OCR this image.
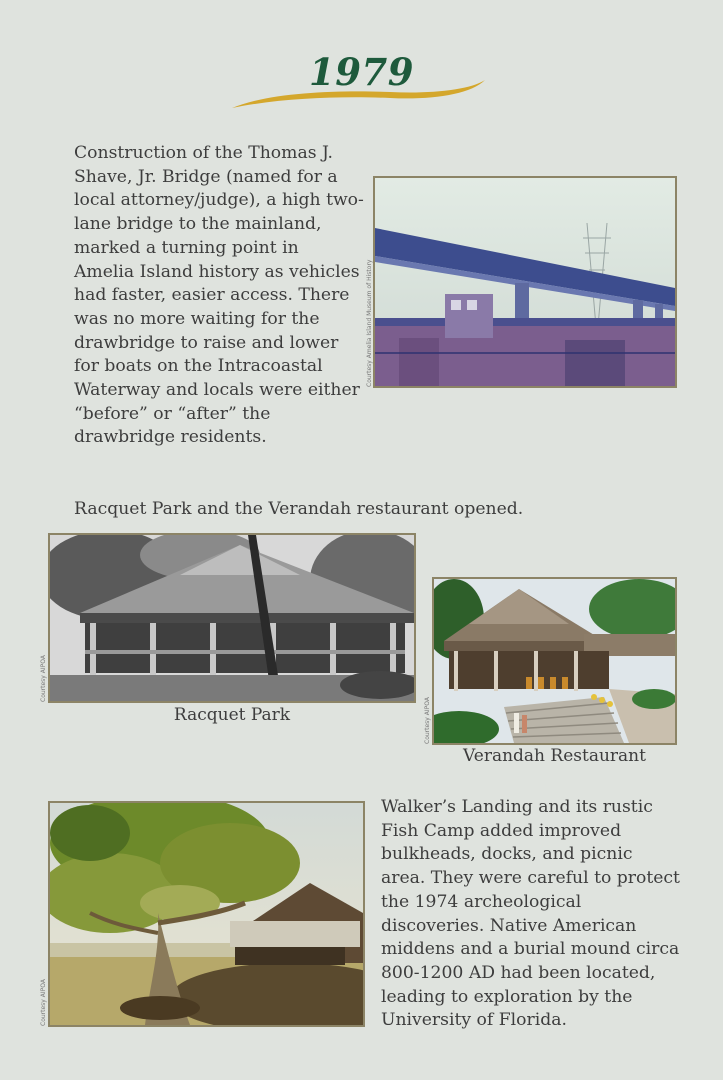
1979

Construction of the Thomas J. Shave, Jr. Bridge (named for a local attorney/judge), a high two-lane bridge to the mainland, marked a turning point in Amelia Island history as vehicles had faster, easier access. There was no more waiting for the drawbridge to raise and lower for boats on the Intracoastal Waterway and locals were either “before” or “after” the drawbridge residents.

Courtesy Amelia Island Museum of History

Racquet Park and the Verandah restaurant opened.

Courtesy AIPOA
Racquet Park	Courtesy AIPOA
Verandah Restaurant
Courtesy AIPOA

Walker’s Landing and its rustic Fish Camp added improved bulkheads, docks, and picnic area. They were careful to protect the 1974 archeological discoveries. Native American middens and a burial mound circa 800-1200 AD had been located, leading to exploration by the University of Florida.
